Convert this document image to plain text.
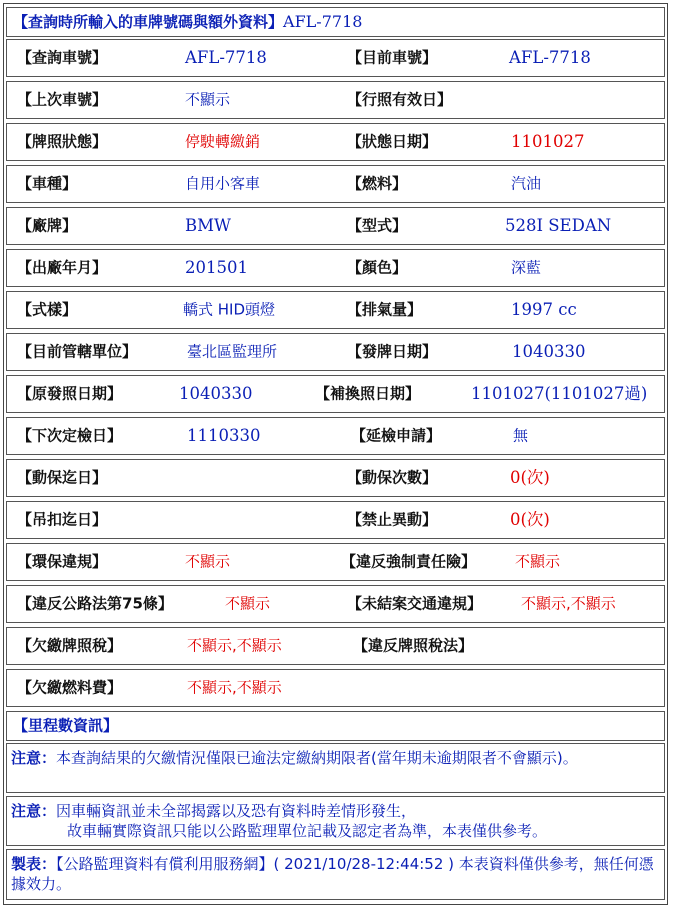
【查詢時所輸入的車牌號碼與額外資料】AFL-7718
【查詢車號】	AFL-7718	【目前車號】	AFL-7718
【上次車號】	不顯示	【行照有效日】
【牌照狀態】	停駛轉繳銷	【狀態日期】	1101027
【車種】	自用小客車	【燃料】	汽油
【廠牌】	BMW	【型式】	528I SEDAN
【出廠年月】	201501	【顏色】	深藍
【式樣】	轎式 HID頭燈	【排氣量】	1997 cc
【目前管轄單位】	臺北區監理所	【發牌日期】	1040330
【原發照日期】	1040330	【補換照日期】	1101027(1101027過)
【下次定檢日】	1110330	【延檢申請】	無
【動保迄日】	【動保次數】	0(次)
【吊扣迄日】	【禁止異動】	0(次)
【環保違規】	不顯示	【違反強制責任險】	不顯示
【違反公路法第75條】	不顯示	【未結案交通違規】	不顯示,不顯示
【欠繳牌照稅】	不顯示,不顯示	【違反牌照稅法】
【欠繳燃料費】	不顯示,不顯示
【里程數資訊】
注意：本查詢結果的欠繳情況僅限已逾法定繳納期限者(當年期未逾期限者不會顯示)。
注意：因車輛資訊並未全部揭露以及恐有資料時差情形發生，
故車輛實際資訊只能以公路監理單位記載及認定者為準，本表僅供參考。
製表：【公路監理資料有償利用服務網】( 2021/10/28-12:44:52 ) 本表資料僅供參考，無任何憑據效力。
